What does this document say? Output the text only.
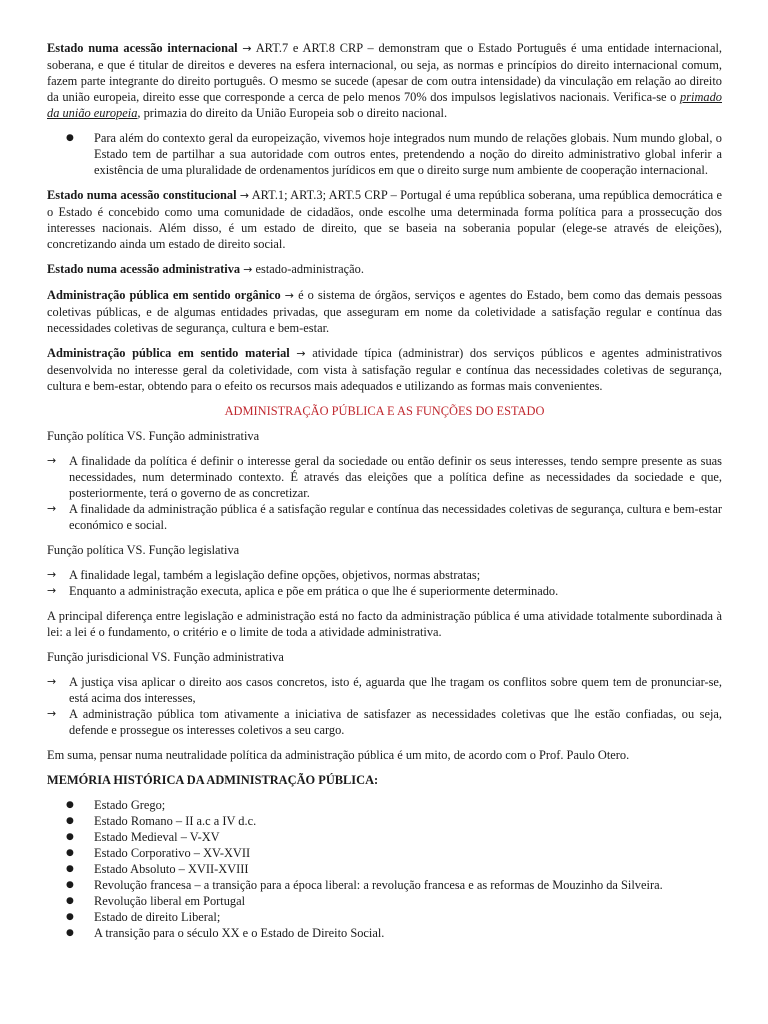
Estado numa acessão internacional → ART.7 e ART.8 CRP – demonstram que o Estado Português é uma entidade internacional, soberana, e que é titular de direitos e deveres na esfera internacional, ou seja, as normas e princípios do direito internacional comum, fazem parte integrante do direito português. O mesmo se sucede (apesar de com outra intensidade) da vinculação em relação ao direito da união europeia, direito esse que corresponde a cerca de pelo menos 70% dos impulsos legislativos nacionais. Verifica-se o primado da união europeia, primazia do direito da União Europeia sob o direito nacional.

● Para além do contexto geral da europeização, vivemos hoje integrados num mundo de relações globais. Num mundo global, o Estado tem de partilhar a sua autoridade com outros entes, pretendendo a noção do direito administrativo global inferir a existência de uma pluralidade de ordenamentos jurídicos em que o direito surge num ambiente de cooperação internacional.

Estado numa acessão constitucional → ART.1; ART.3; ART.5 CRP – Portugal é uma república soberana, uma república democrática e o Estado é concebido como uma comunidade de cidadãos, onde escolhe uma determinada forma política para a prossecução dos interesses nacionais. Além disso, é um estado de direito, que se baseia na soberania popular (elege-se através de eleições), concretizando ainda um estado de direito social.

Estado numa acessão administrativa → estado-administração.

Administração pública em sentido orgânico → é o sistema de órgãos, serviços e agentes do Estado, bem como das demais pessoas coletivas públicas, e de algumas entidades privadas, que asseguram em nome da coletividade a satisfação regular e contínua das necessidades coletivas de segurança, cultura e bem-estar.

Administração pública em sentido material → atividade típica (administrar) dos serviços públicos e agentes administrativos desenvolvida no interesse geral da coletividade, com vista à satisfação regular e contínua das necessidades coletivas de segurança, cultura e bem-estar, obtendo para o efeito os recursos mais adequados e utilizando as formas mais convenientes.

ADMINISTRAÇÃO PÚBLICA E AS FUNÇÕES DO ESTADO

Função política VS. Função administrativa

→ A finalidade da política é definir o interesse geral da sociedade ou então definir os seus interesses, tendo sempre presente as suas necessidades, num determinado contexto. É através das eleições que a política define as necessidades da sociedade e que, posteriormente, terá o governo de as concretizar.
→ A finalidade da administração pública é a satisfação regular e contínua das necessidades coletivas de segurança, cultura e bem-estar económico e social.

Função política VS. Função legislativa

→ A finalidade legal, também a legislação define opções, objetivos, normas abstratas;
→ Enquanto a administração executa, aplica e põe em prática o que lhe é superiormente determinado.

A principal diferença entre legislação e administração está no facto da administração pública é uma atividade totalmente subordinada à lei: a lei é o fundamento, o critério e o limite de toda a atividade administrativa.

Função jurisdicional VS. Função administrativa

→ A justiça visa aplicar o direito aos casos concretos, isto é, aguarda que lhe tragam os conflitos sobre quem tem de pronunciar-se, está acima dos interesses,
→ A administração pública tom ativamente a iniciativa de satisfazer as necessidades coletivas que lhe estão confiadas, ou seja, defende e prossegue os interesses coletivos a seu cargo.

Em suma, pensar numa neutralidade política da administração pública é um mito, de acordo com o Prof. Paulo Otero.

MEMÓRIA HISTÓRICA DA ADMINISTRAÇÃO PÚBLICA:

● Estado Grego;
● Estado Romano – II a.c a IV d.c.
● Estado Medieval – V-XV
● Estado Corporativo – XV-XVII
● Estado Absoluto – XVII-XVIII
● Revolução francesa – a transição para a época liberal: a revolução francesa e as reformas de Mouzinho da Silveira.
● Revolução liberal em Portugal
● Estado de direito Liberal;
● A transição para o século XX e o Estado de Direito Social.
